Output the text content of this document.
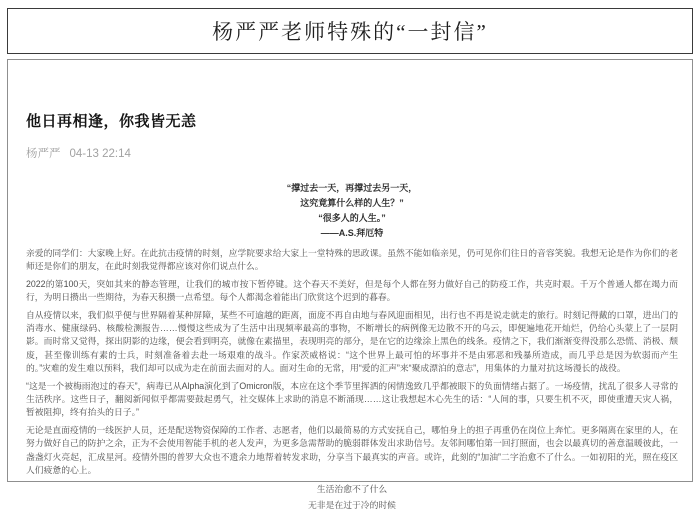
杨严严老师特殊的“一封信”
他日再相逢，你我皆无恙
杨严严 04-13 22:14
“撑过去一天，再撑过去另一天，
这究竟算什么样的人生？”
“很多人的人生。”
——A.S.拜厄特

亲爱的同学们：大家晚上好。在此抗击疫情的时刻，应学院要求给大家上一堂特殊的思政课。虽然不能如临亲见，仍可见你们往日的音容笑貌。我想无论是作为你们的老师还是你们的朋友，在此时刻我觉得都应该对你们说点什么。

2022的第100天，突如其来的静态管理，让我们的城市按下暂停键。这个春天不美好，但是每个人都在努力做好自己的防疫工作，共克时艰。千万个普通人都在竭力而行，为明日攒出一些期待，为春天积攒一点希望。每个人都渴念着能出门欣赏这个迟到的暮春。

自从疫情以来，我们似乎便与世界隔着某种屏障，某些不可逾越的距离，面庞不再自由地与春风迎面相见，出行也不再是说走就走的旅行。时刻记得戴的口罩，进出门的消毒水、健康绿码、核酸检测报告……慢慢这些成为了生活中出现频率最高的事物，不断增长的病例像无边散不开的乌云，即便遍地花开灿烂，仍给心头蒙上了一层阴影。而时常又觉得，探出阴影的边缘，便会看到明亮，就像在素描里，表现明亮的部分，是在它的边缘涂上黑色的线条。疫情之下，我们渐渐变得没那么恐慌、消极、颓废，甚至像训练有素的士兵，时刻准备着去赴一场艰难的战斗。作家茨威格说：“这个世界上最可怕的坏事并不是由邪恶和残暴所造成，而几乎总是因为软弱而产生的。”灾难的发生难以预料，我们却可以成为走在前面去面对的人。面对生命的无常，用“爱的汇声”来“聚成漂泊的意志”，用集体的力量对抗这场漫长的战役。

“这是一个被梅雨泡过的春天”，病毒已从Alpha演化到了Omicron版，本应在这个季节里挥洒的闲情逸致几乎都被眼下的负面情绪占据了。一场疫情，扰乱了很多人寻常的生活秩序。这些日子，翻阅新闻似乎都需要鼓起勇气，社交媒体上求助的消息不断涌现……这让我想起木心先生的话：“人间的事，只要生机不灭，即使重遭天灾人祸，暂被阻抑，终有抬头的日子。”

无论是直面疫情的一线医护人员，还是配送物资保障的工作者、志愿者，他们以最简易的方式安抚自己，哪怕身上的担子再重仍在岗位上奔忙。更多隔离在家里的人，在努力做好自己的防护之余，正为不会使用智能手机的老人发声，为更多急需帮助的脆弱群体发出求助信号。友邻间哪怕第一回打照面，也会以最真切的善意温暖彼此，一盏盏灯火亮起，汇成星河。疫情外围的普罗大众也不遗余力地帮着转发求助，分享当下最真实的声音。或许，此刻的“加油”二字治愈不了什么。一如初阳的光，照在疫区人们疲惫的心上。

生活治愈不了什么
无非是在过于冷的时候
